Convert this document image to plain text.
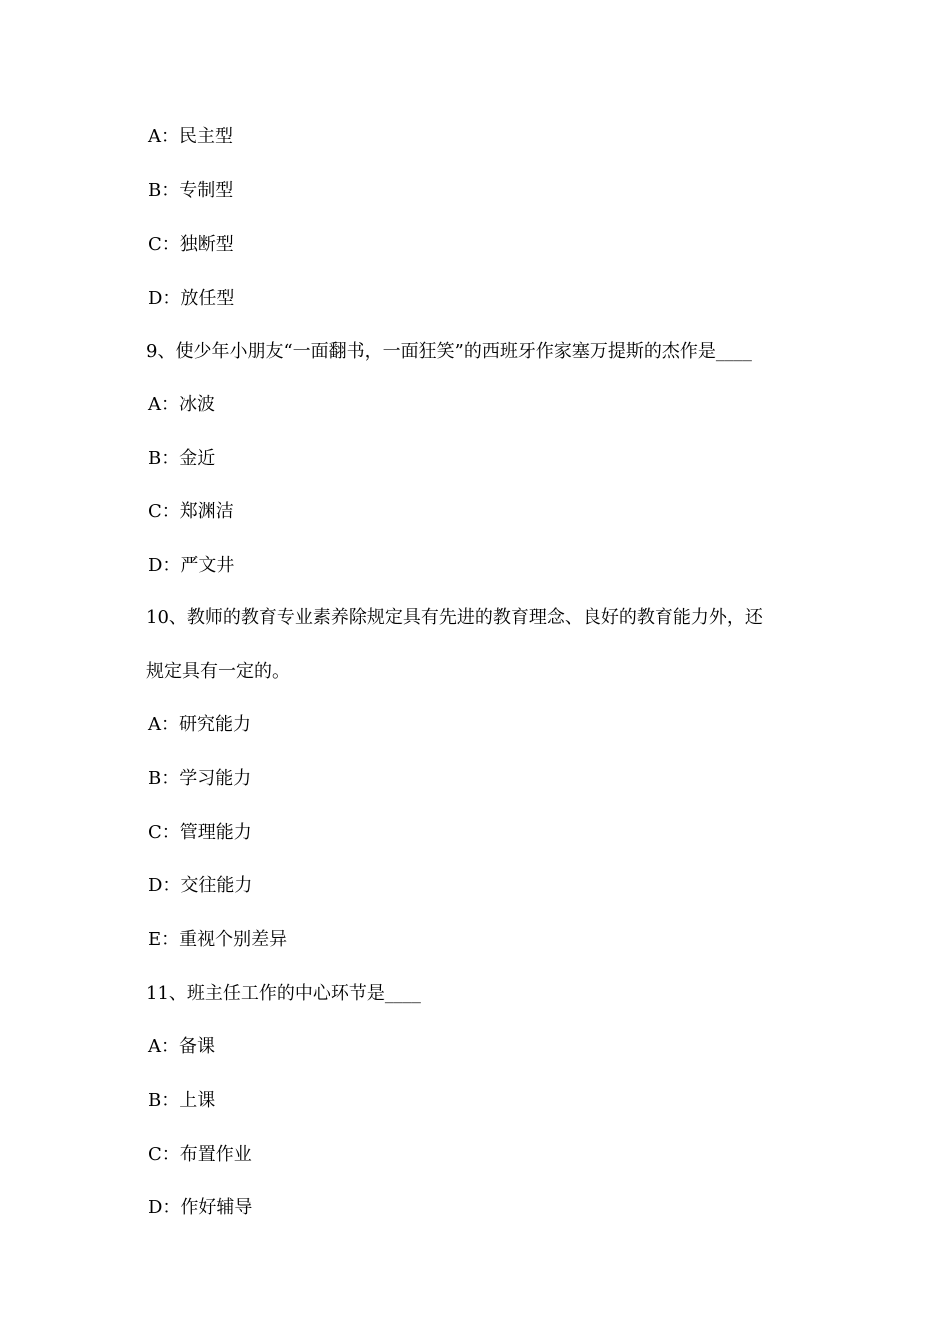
A：民主型
B：专制型
C：独断型
D：放任型
9、使少年小朋友“一面翻书，一面狂笑”的西班牙作家塞万提斯的杰作是____
A：冰波
B：金近
C：郑渊洁
D：严文井
10、教师的教育专业素养除规定具有先进的教育理念、良好的教育能力外，还
规定具有一定的。
A：研究能力
B：学习能力
C：管理能力
D：交往能力
E：重视个别差异
11、班主任工作的中心环节是____
A：备课
B：上课
C：布置作业
D：作好辅导
